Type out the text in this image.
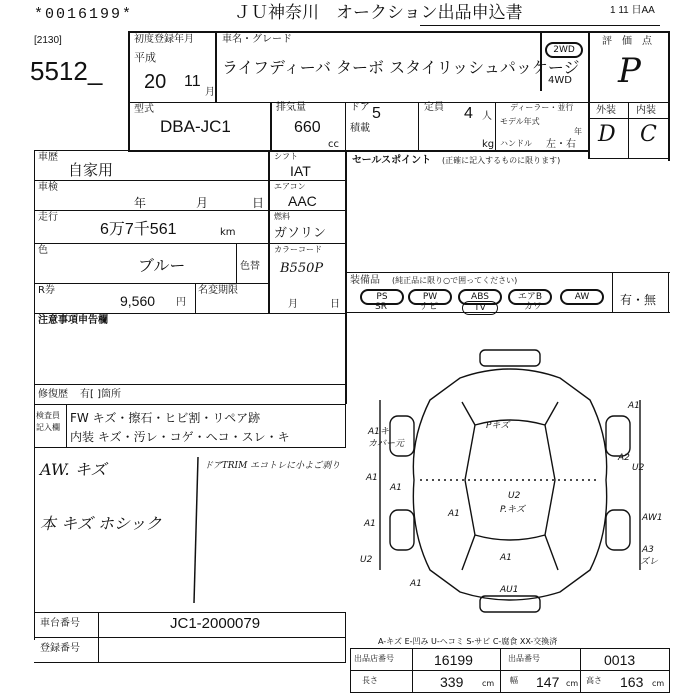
*0016199*	ＪＵ神奈川　オークション出品申込書	1 11 日AA
[2130]
5512_
初度登録年月
平成
20 11
月
車名・グレード
ライフディーバ ターボ スタイリッシュパッケージ
2WD
4WD
評　価　点
P
型式
DBA-JC1
排気量
660
cc
ドア 5	定員 4 人
積載
kg
ディーラー・並行
モデル年式
年
ハンドル 左・右
外装 内装
D C
車歴
自家用
車検
年	月	日
走行
6万7千561	km
色
ブルー	色替
R券
9,560 円
名変期限
月	日
注意事項申告欄
修復歴 有[ ]箇所
シフト
IAT
エアコン
AAC
燃料
ガソリン
カラーコード
B550P
セールスポイント (正確に記入するものに限ります)
装備品 (純正品に限り○で囲ってください)
PS	PW	ABS	エアB	AW
SR	ナビ	TV	カワ	有・無
検査員記入欄
FW キズ・擦石・ヒビ割・リペア跡
内装 キズ・汚レ・コゲ・ヘコ・スレ・キ
AW. キズ	ドアTRIM エコトレに小よご剥り
本 キズ ホシック
A1
A2
A1キ
カバー元
Pキズ
U2
P.キズ
AW1
A1
U2
A1
A3
ズレ
A1
A1
A1
AU1
A1
U2
A-キズ E-凹み U-ヘコミ S-サビ C-腐食 XX-交換済
車台番号	JC1-2000079
登録番号
出品店番号	16199	出品番号	0013
長さ	339 cm 幅 147 cm 高さ 163 cm
